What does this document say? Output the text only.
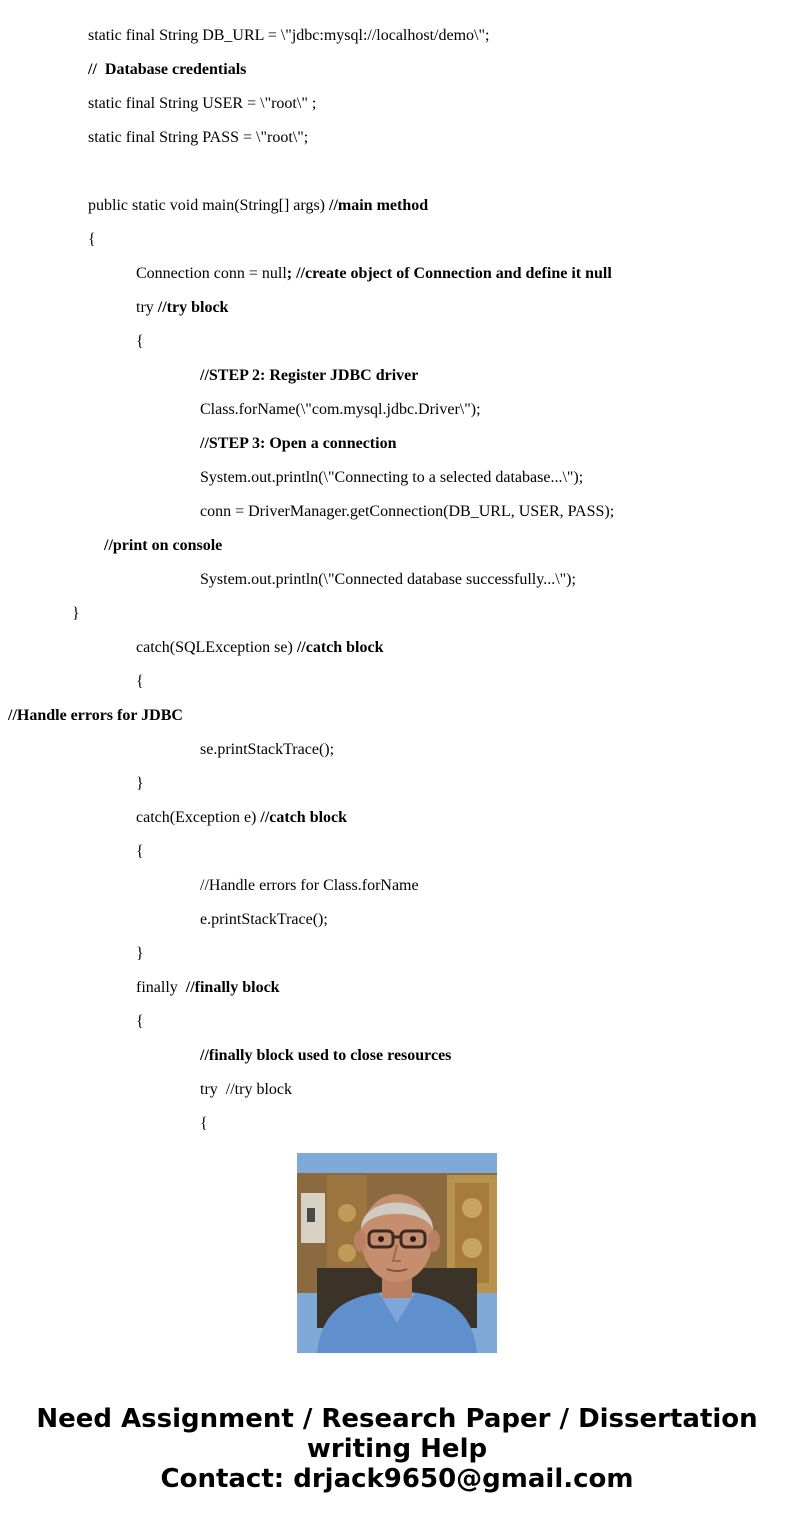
static final String DB_URL = \"jdbc:mysql://localhost/demo\";
//  Database credentials
static final String USER = \"root\" ;
static final String PASS = \"root\";
public static void main(String[] args) //main method
{
Connection conn = null; //create object of Connection and define it null
try //try block
{
//STEP 2: Register JDBC driver
Class.forName(\"com.mysql.jdbc.Driver\");
//STEP 3: Open a connection
System.out.println(\"Connecting to a selected database...\");
conn = DriverManager.getConnection(DB_URL, USER, PASS);
//print on console
System.out.println(\"Connected database successfully...\");
}
catch(SQLException se) //catch block
{
//Handle errors for JDBC
se.printStackTrace();
}
catch(Exception e) //catch block
{
//Handle errors for Class.forName
e.printStackTrace();
}
finally  //finally block
{
//finally block used to close resources
try  //try block
{
Need Assignment / Research Paper / Dissertation
writing Help
Contact: drjack9650@gmail.com
